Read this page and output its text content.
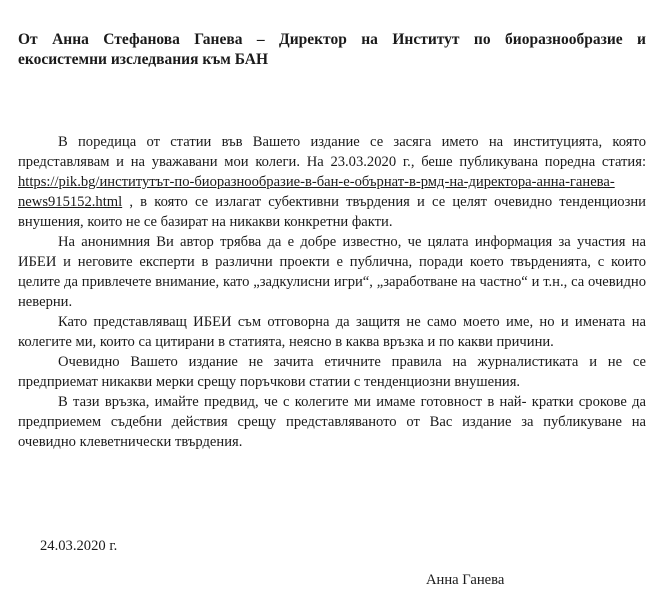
От Анна Стефанова Ганева – Директор на Институт по биоразнообразие и
екосистемни изследвания към БАН

В поредица от статии във Вашето издание се засяга името на институцията, която представлявам и на уважавани мои колеги. На 23.03.2020 г., беше публикувана поредна статия: https://pik.bg/институтът-по-биоразнообразие-в-бан-е-обърнат-в-рмд-на-директора-анна-ганева-news915152.html , в която се излагат субективни твърдения и се целят очевидно тенденциозни внушения, които не се базират на никакви конкретни факти.

На анонимния Ви автор трябва да е добре известно, че цялата информация за участия на ИБЕИ и неговите експерти в различни проекти е публична, поради което твърденията, с които целите да привлечете внимание, като „задкулисни игри“, „заработване на частно“ и т.н., са очевидно неверни.

Като представляващ ИБЕИ съм отговорна да защитя не само моето име, но и имената на колегите ми, които са цитирани в статията, неясно в каква връзка и по какви причини.

Очевидно Вашето издание не зачита етичните правила на журналистиката и не се предприемат никакви мерки срещу поръчкови статии с тенденциозни внушения.

В тази връзка, имайте предвид, че с колегите ми имаме готовност в най- кратки срокове да предприемем съдебни действия срещу представляваното от Вас издание за публикуване на очевидно клеветнически твърдения.

24.03.2020 г.
Анна Ганева
